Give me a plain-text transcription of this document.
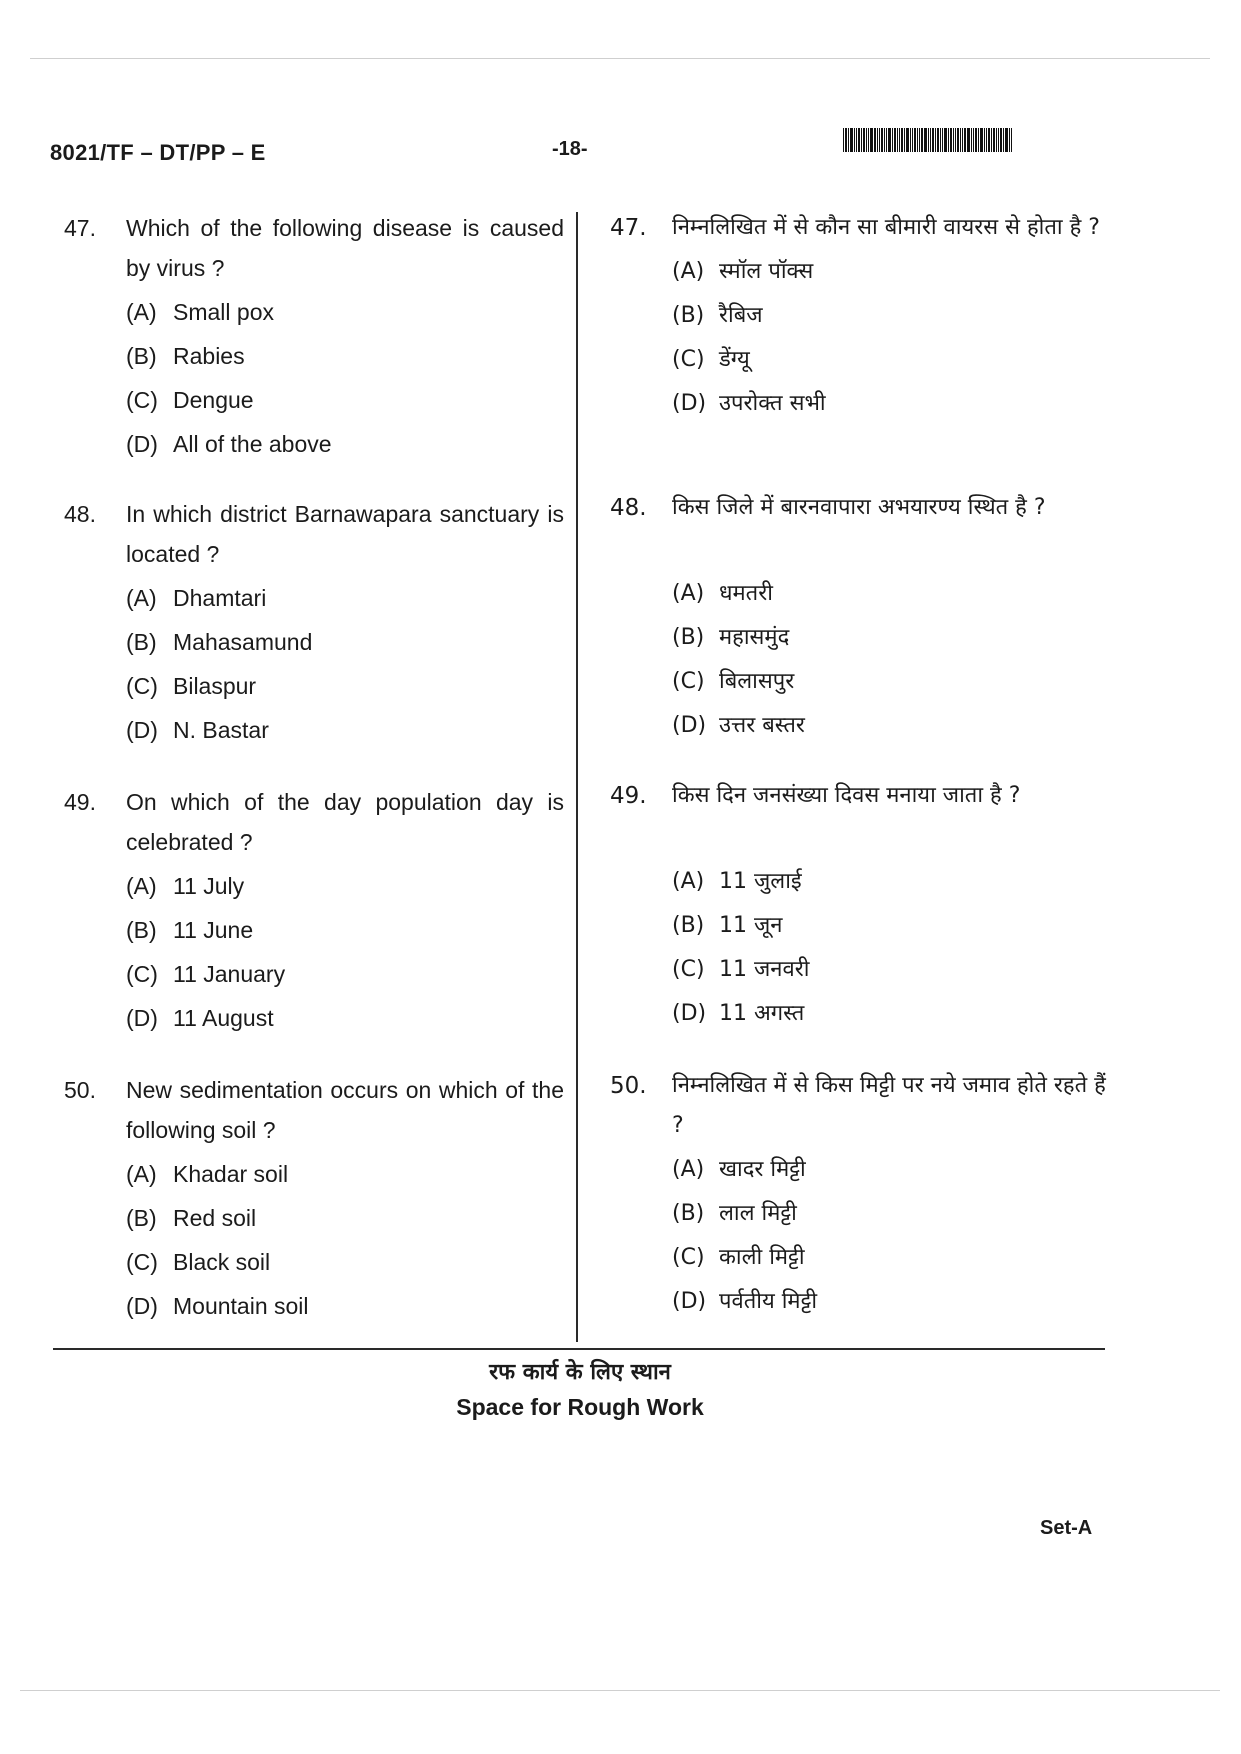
8021/TF – DT/PP – E	-18-
47.	Which of the following disease is caused by virus ?
(A) Small pox
(B) Rabies
(C) Dengue
(D) All of the above
48.	In which district Barnawapara sanctuary is located ?
(A) Dhamtari
(B) Mahasamund
(C) Bilaspur
(D) N. Bastar
49.	On which of the day population day is celebrated ?
(A) 11 July
(B) 11 June
(C) 11 January
(D) 11 August
50.	New sedimentation occurs on which of the following soil ?
(A) Khadar soil
(B) Red soil
(C) Black soil
(D) Mountain soil
47.	निम्नलिखित में से कौन सा बीमारी वायरस से होता है ?
(A) स्मॉल पॉक्स
(B) रैबिज
(C) डेंग्यू
(D) उपरोक्त सभी
48.	किस जिले में बारनवापारा अभयारण्य स्थित है ?
(A) धमतरी
(B) महासमुंद
(C) बिलासपुर
(D) उत्तर बस्तर
49.	किस दिन जनसंख्या दिवस मनाया जाता है ?
(A) 11 जुलाई
(B) 11 जून
(C) 11 जनवरी
(D) 11 अगस्त
50.	निम्नलिखित में से किस मिट्टी पर नये जमाव होते रहते हैं ?
(A) खादर मिट्टी
(B) लाल मिट्टी
(C) काली मिट्टी
(D) पर्वतीय मिट्टी
रफ कार्य के लिए स्थान
Space for Rough Work
Set-A
